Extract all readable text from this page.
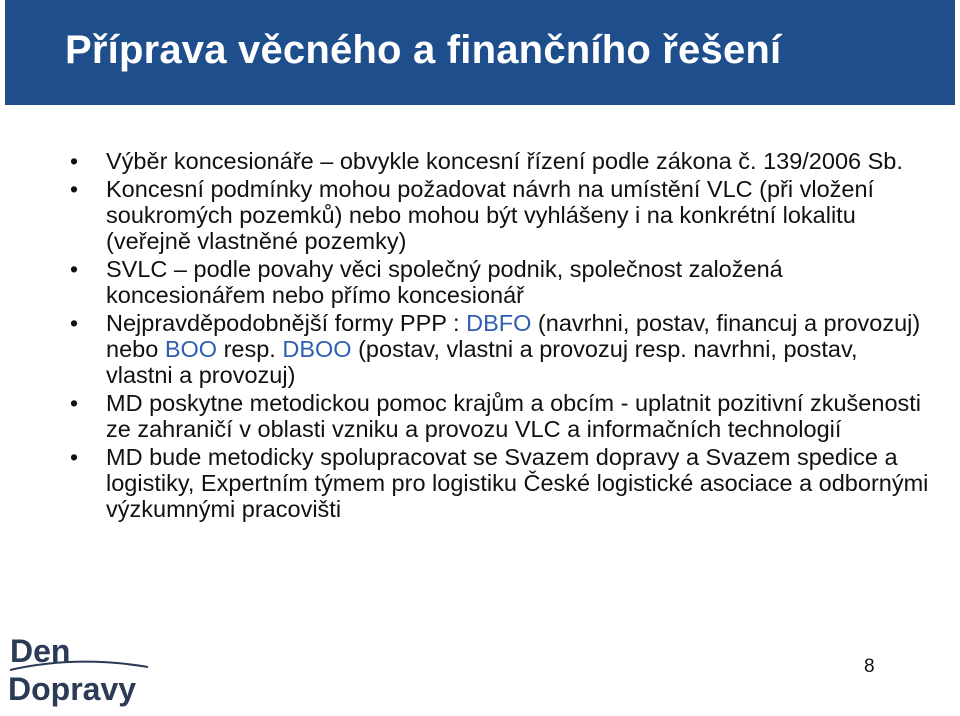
Příprava věcného a finančního řešení
• Výběr koncesionáře – obvykle koncesní řízení podle zákona č. 139/2006 Sb.
• Koncesní podmínky mohou požadovat návrh na umístění VLC (při vložení soukromých pozemků) nebo mohou být vyhlášeny i na konkrétní lokalitu (veřejně vlastněné pozemky)
• SVLC – podle povahy věci společný podnik, společnost založená koncesionářem nebo přímo koncesionář
• Nejpravděpodobnější formy PPP : DBFO (navrhni, postav, financuj a provozuj) nebo BOO resp. DBOO (postav, vlastni a provozuj resp. navrhni, postav, vlastni a provozuj)
• MD poskytne metodickou pomoc krajům a obcím - uplatnit pozitivní zkušenosti ze zahraničí v oblasti vzniku a provozu VLC a informačních technologií
• MD bude metodicky spolupracovat se Svazem dopravy a Svazem spedice a logistiky, Expertním týmem pro logistiku České logistické asociace a odbornými výzkumnými pracovišti
Den
Dopravy
8
